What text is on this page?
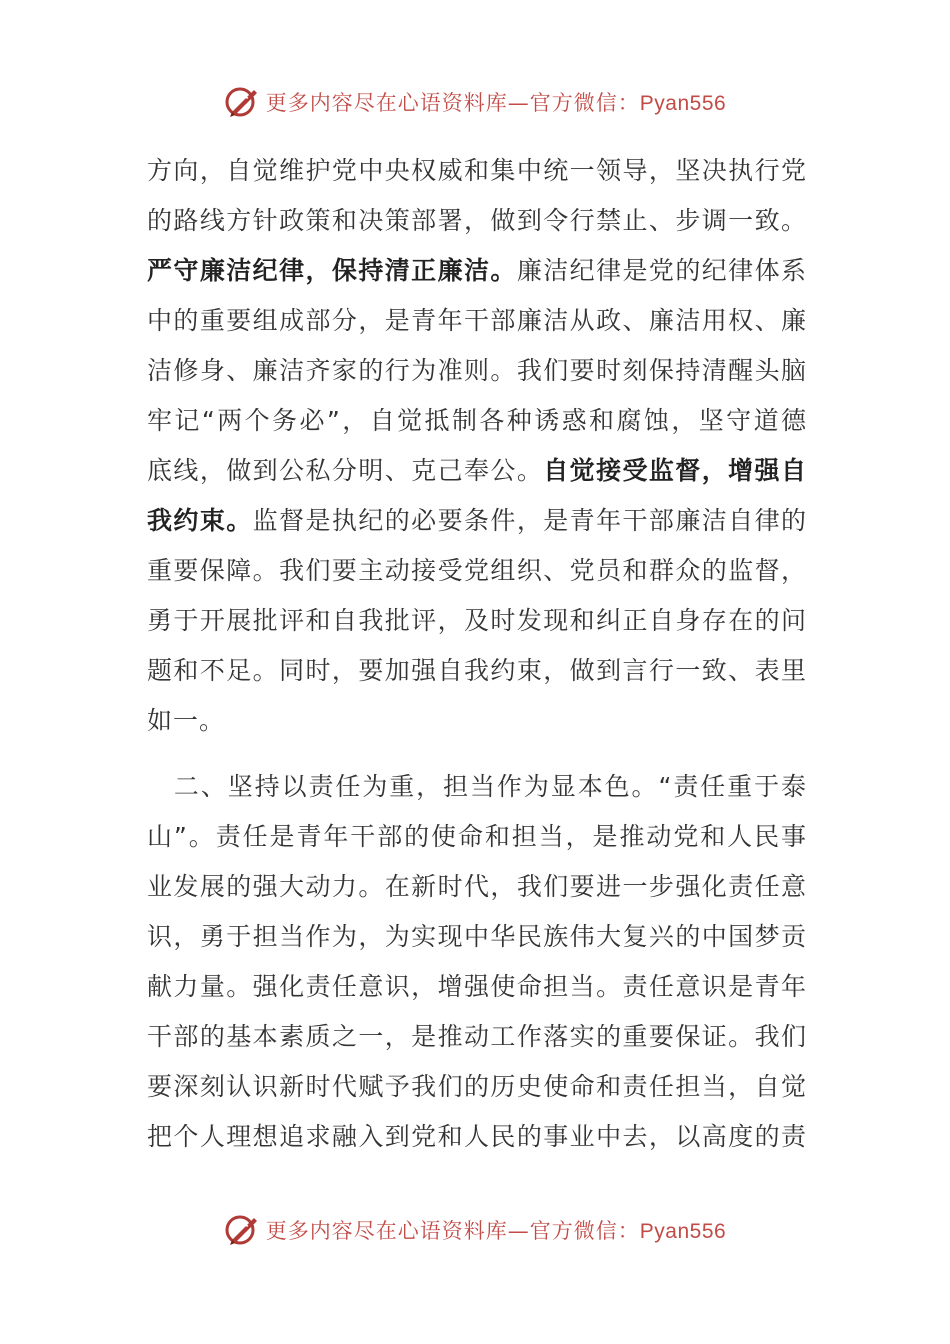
更多内容尽在心语资料库—官方微信：Pyan556
方向，自觉维护党中央权威和集中统一领导，坚决执行党
的路线方针政策和决策部署，做到令行禁止、步调一致。
严守廉洁纪律，保持清正廉洁。廉洁纪律是党的纪律体系
中的重要组成部分，是青年干部廉洁从政、廉洁用权、廉
洁修身、廉洁齐家的行为准则。我们要时刻保持清醒头脑
牢记“两个务必”，自觉抵制各种诱惑和腐蚀，坚守道德
底线，做到公私分明、克己奉公。自觉接受监督，增强自
我约束。监督是执纪的必要条件，是青年干部廉洁自律的
重要保障。我们要主动接受党组织、党员和群众的监督，
勇于开展批评和自我批评，及时发现和纠正自身存在的问
题和不足。同时，要加强自我约束，做到言行一致、表里
如一。
　二、坚持以责任为重，担当作为显本色。“责任重于泰
山”。责任是青年干部的使命和担当，是推动党和人民事
业发展的强大动力。在新时代，我们要进一步强化责任意
识，勇于担当作为，为实现中华民族伟大复兴的中国梦贡
献力量。强化责任意识，增强使命担当。责任意识是青年
干部的基本素质之一，是推动工作落实的重要保证。我们
要深刻认识新时代赋予我们的历史使命和责任担当，自觉
把个人理想追求融入到党和人民的事业中去，以高度的责
更多内容尽在心语资料库—官方微信：Pyan556
